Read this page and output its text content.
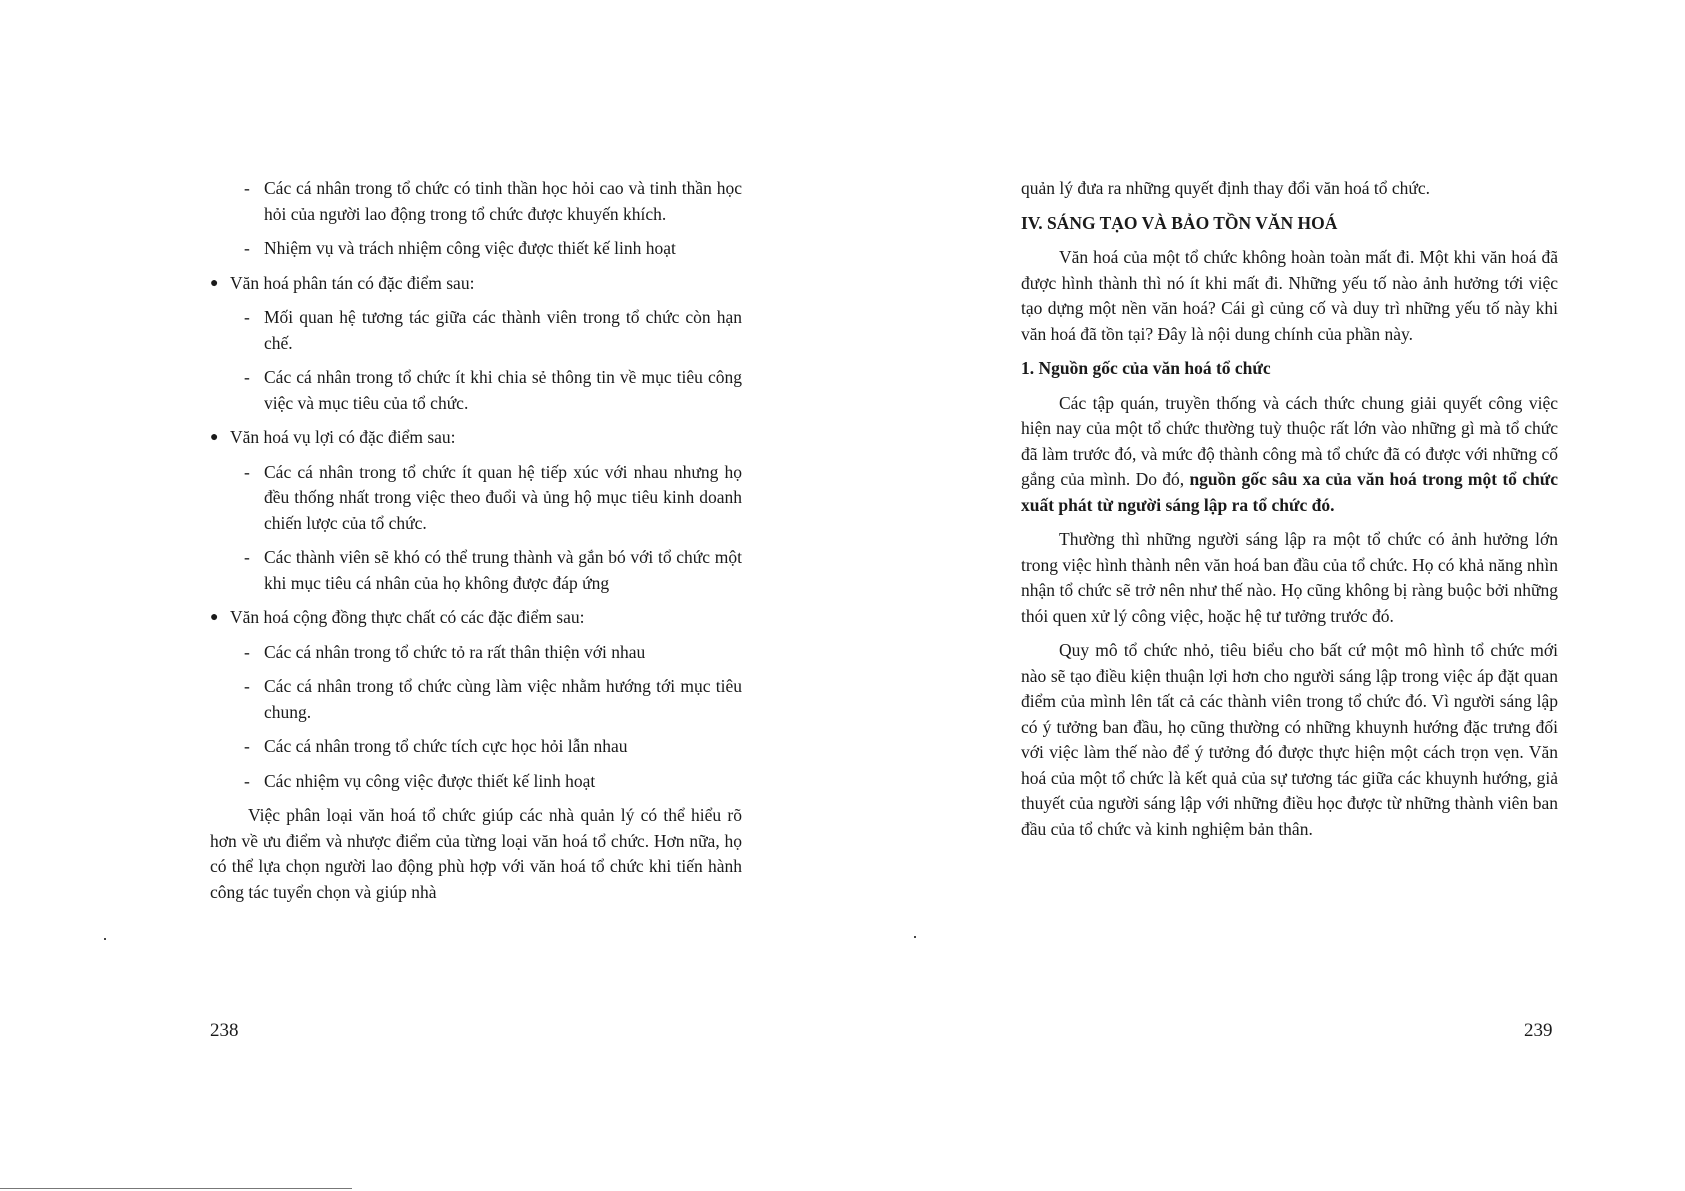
- Các cá nhân trong tổ chức có tinh thần học hỏi cao và tinh thần học hỏi của người lao động trong tổ chức được khuyến khích.
- Nhiệm vụ và trách nhiệm công việc được thiết kế linh hoạt
● Văn hoá phân tán có đặc điểm sau:
- Mối quan hệ tương tác giữa các thành viên trong tổ chức còn hạn chế.
- Các cá nhân trong tổ chức ít khi chia sẻ thông tin về mục tiêu công việc và mục tiêu của tổ chức.
● Văn hoá vụ lợi có đặc điểm sau:
- Các cá nhân trong tổ chức ít quan hệ tiếp xúc với nhau nhưng họ đều thống nhất trong việc theo đuổi và ủng hộ mục tiêu kinh doanh chiến lược của tổ chức.
- Các thành viên sẽ khó có thể trung thành và gắn bó với tổ chức một khi mục tiêu cá nhân của họ không được đáp ứng
● Văn hoá cộng đồng thực chất có các đặc điểm sau:
- Các cá nhân trong tổ chức tỏ ra rất thân thiện với nhau
- Các cá nhân trong tổ chức cùng làm việc nhằm hướng tới mục tiêu chung.
- Các cá nhân trong tổ chức tích cực học hỏi lẫn nhau
- Các nhiệm vụ công việc được thiết kế linh hoạt

Việc phân loại văn hoá tổ chức giúp các nhà quản lý có thể hiểu rõ hơn về ưu điểm và nhược điểm của từng loại văn hoá tổ chức. Hơn nữa, họ có thể lựa chọn người lao động phù hợp với văn hoá tổ chức khi tiến hành công tác tuyển chọn và giúp nhà

quản lý đưa ra những quyết định thay đổi văn hoá tổ chức.

IV. SÁNG TẠO VÀ BẢO TỒN VĂN HOÁ

Văn hoá của một tổ chức không hoàn toàn mất đi. Một khi văn hoá đã được hình thành thì nó ít khi mất đi. Những yếu tố nào ảnh hưởng tới việc tạo dựng một nền văn hoá? Cái gì củng cố và duy trì những yếu tố này khi văn hoá đã tồn tại? Đây là nội dung chính của phần này.

1. Nguồn gốc của văn hoá tổ chức

Các tập quán, truyền thống và cách thức chung giải quyết công việc hiện nay của một tổ chức thường tuỳ thuộc rất lớn vào những gì mà tổ chức đã làm trước đó, và mức độ thành công mà tổ chức đã có được với những cố gắng của mình. Do đó, nguồn gốc sâu xa của văn hoá trong một tổ chức xuất phát từ người sáng lập ra tổ chức đó.

Thường thì những người sáng lập ra một tổ chức có ảnh hưởng lớn trong việc hình thành nên văn hoá ban đầu của tổ chức. Họ có khả năng nhìn nhận tổ chức sẽ trở nên như thế nào. Họ cũng không bị ràng buộc bởi những thói quen xử lý công việc, hoặc hệ tư tưởng trước đó.

Quy mô tổ chức nhỏ, tiêu biểu cho bất cứ một mô hình tổ chức mới nào sẽ tạo điều kiện thuận lợi hơn cho người sáng lập trong việc áp đặt quan điểm của mình lên tất cả các thành viên trong tổ chức đó. Vì người sáng lập có ý tưởng ban đầu, họ cũng thường có những khuynh hướng đặc trưng đối với việc làm thế nào để ý tưởng đó được thực hiện một cách trọn vẹn. Văn hoá của một tổ chức là kết quả của sự tương tác giữa các khuynh hướng, giả thuyết của người sáng lập với những điều học được từ những thành viên ban đầu của tổ chức và kinh nghiệm bản thân.

238	239
